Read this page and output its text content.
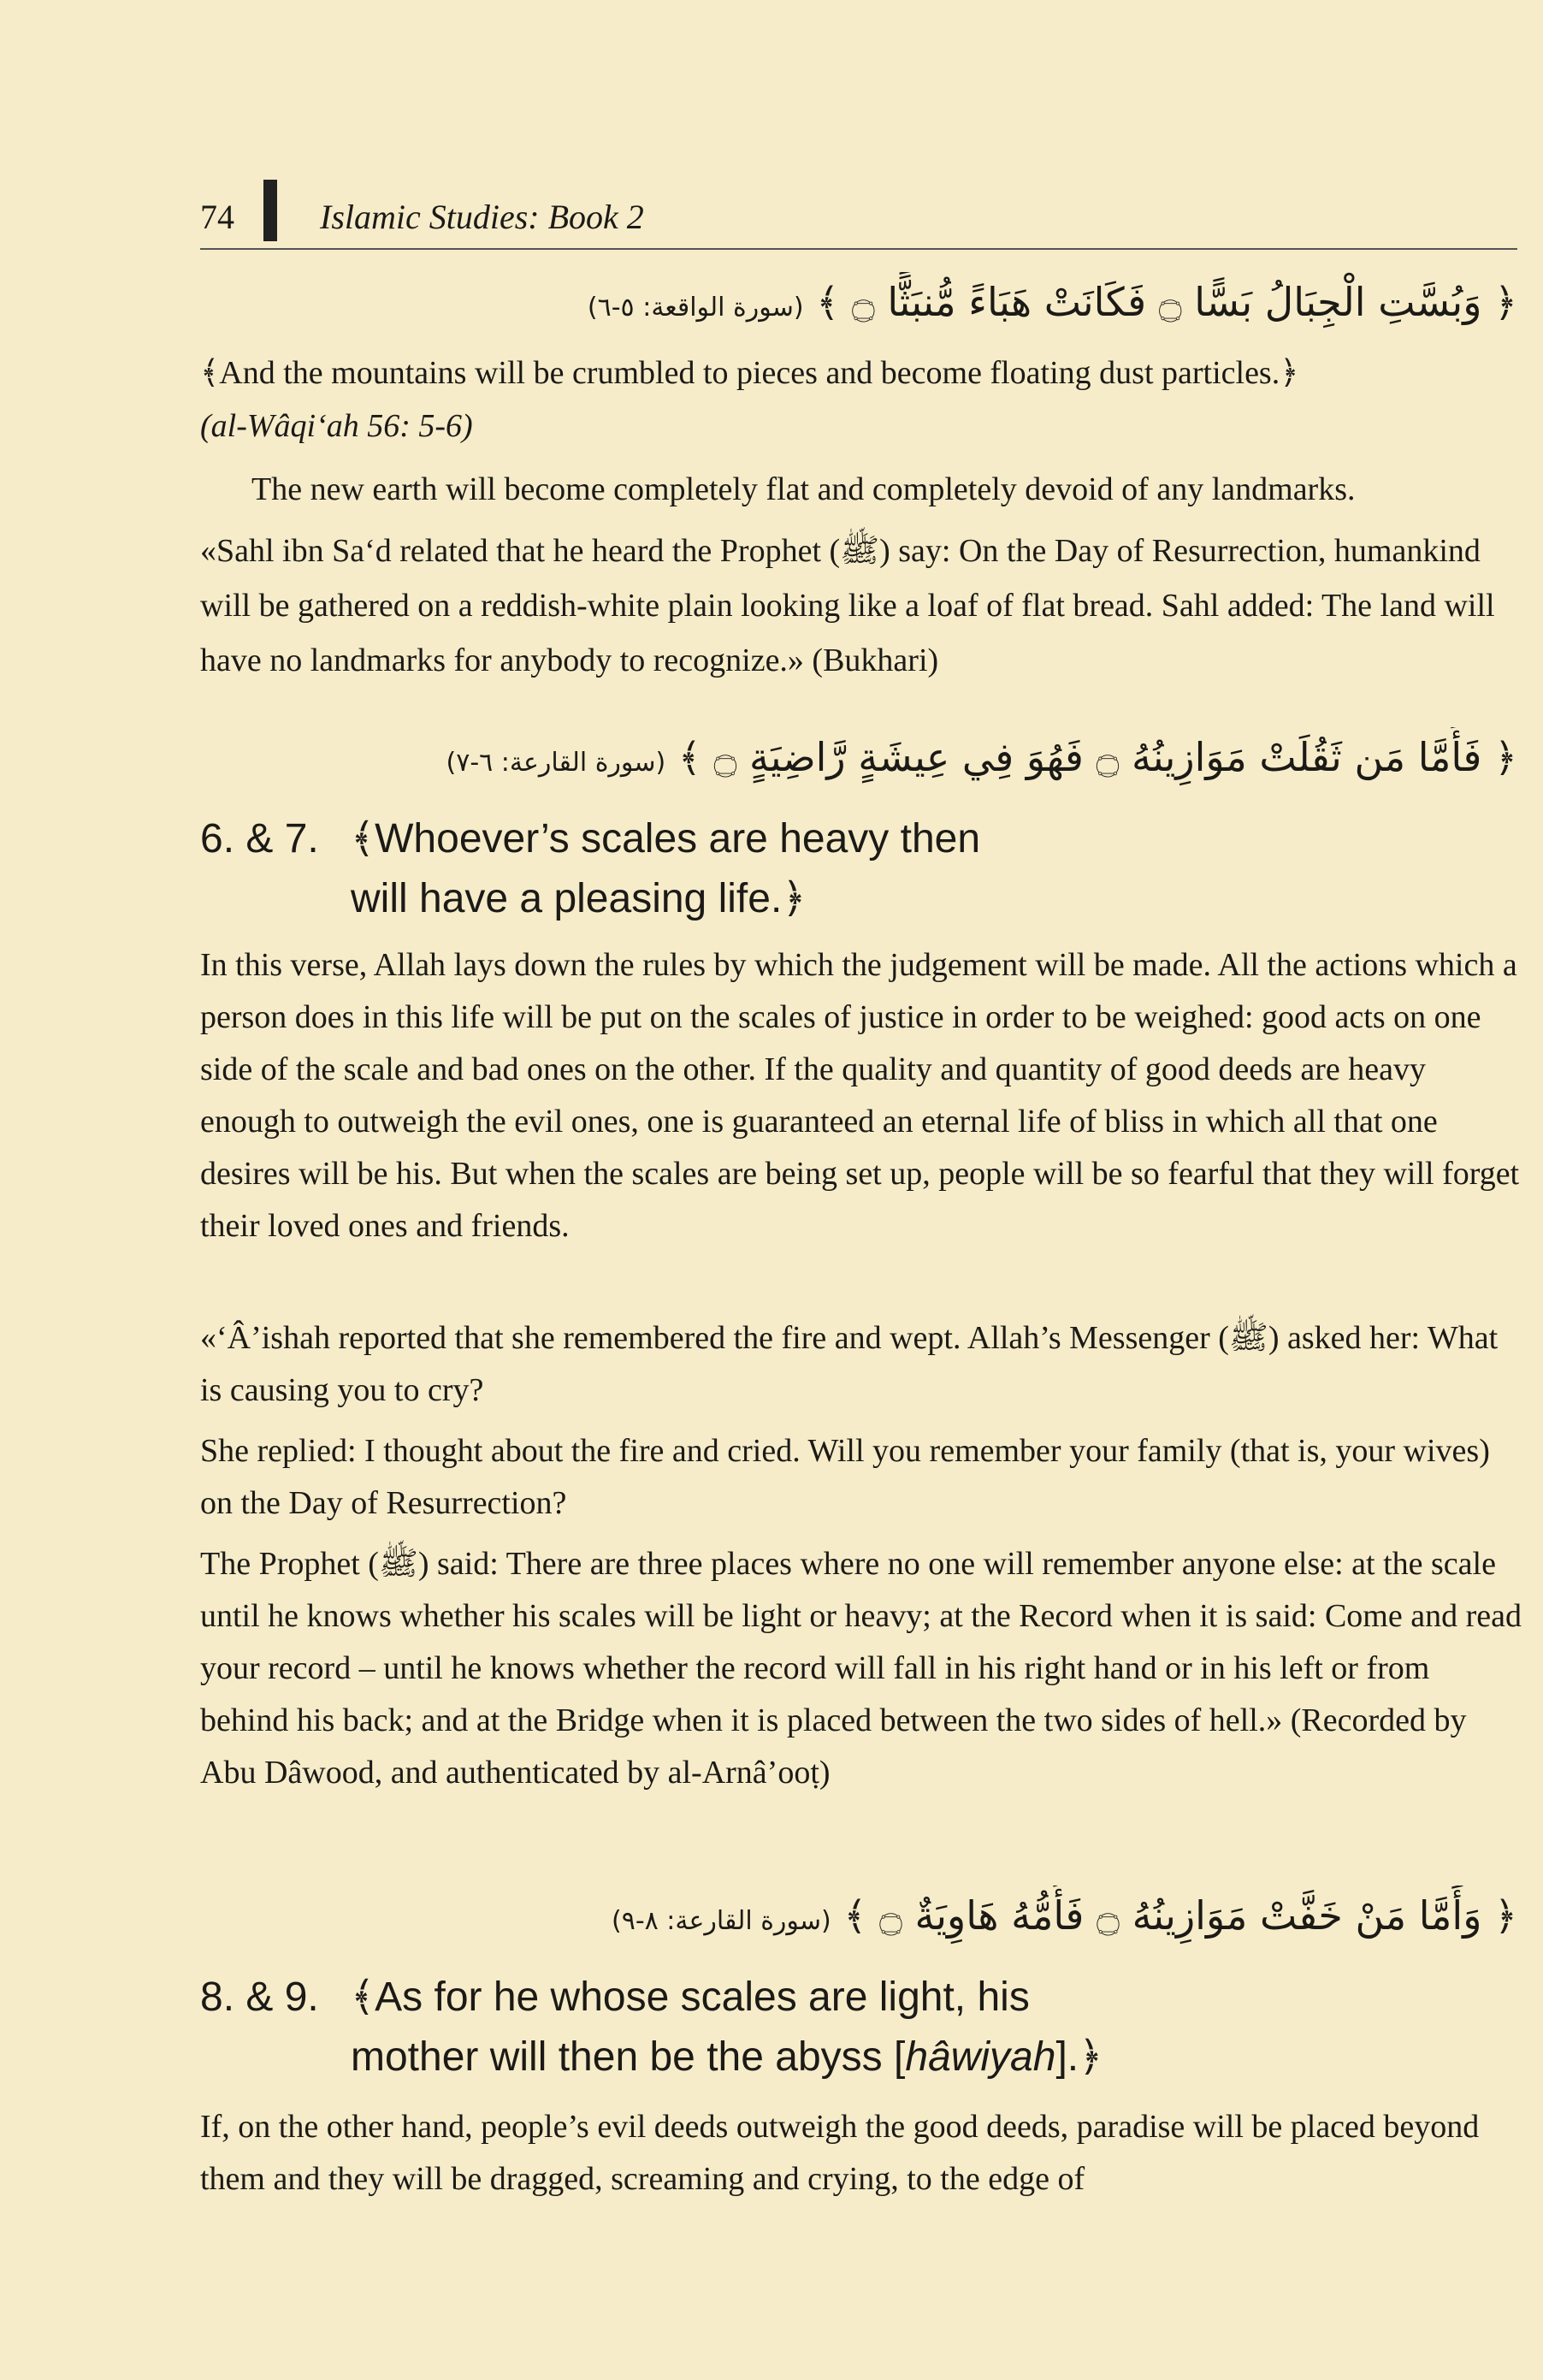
74	Islamic Studies: Book 2
﴿ وَبُسَّتِ الْجِبَالُ بَسًّا ۝ فَكَانَتْ هَبَاءً مُّنبَثًّا ۝ ﴾ (سورة الواقعة: ٥-٦)

﴾And the mountains will be crumbled to pieces and become floating dust particles.﴿

(al-Wâqi‘ah 56: 5-6)

The new earth will become completely flat and completely devoid of any landmarks.

«Sahl ibn Sa‘d related that he heard the Prophet (ﷺ) say: On the Day of Resurrection, humankind will be gathered on a reddish-white plain looking like a loaf of flat bread. Sahl added: The land will have no landmarks for anybody to recognize.» (Bukhari)

﴿ فَأَمَّا مَن ثَقُلَتْ مَوَازِينُهُ ۝ فَهُوَ فِي عِيشَةٍ رَّاضِيَةٍ ۝ ﴾ (سورة القارعة: ٦-٧)
6. & 7. ﴾Whoever’s scales are heavy then
will have a pleasing life.﴿

In this verse, Allah lays down the rules by which the judgement will be made. All the actions which a person does in this life will be put on the scales of justice in order to be weighed: good acts on one side of the scale and bad ones on the other. If the quality and quantity of good deeds are heavy enough to outweigh the evil ones, one is guaranteed an eternal life of bliss in which all that one desires will be his. But when the scales are being set up, people will be so fearful that they will forget their loved ones and friends.

«‘Â’ishah reported that she remembered the fire and wept. Allah’s Messenger (ﷺ) asked her: What is causing you to cry?

She replied: I thought about the fire and cried. Will you remember your family (that is, your wives) on the Day of Resurrection?

The Prophet (ﷺ) said: There are three places where no one will remember anyone else: at the scale until he knows whether his scales will be light or heavy; at the Record when it is said: Come and read your record – until he knows whether the record will fall in his right hand or in his left or from behind his back; and at the Bridge when it is placed between the two sides of hell.» (Recorded by Abu Dâwood, and authenticated by al-Arnâ’ooṭ)

﴿ وَأَمَّا مَنْ خَفَّتْ مَوَازِينُهُ ۝ فَأُمُّهُ هَاوِيَةٌ ۝ ﴾ (سورة القارعة: ٨-٩)
8. & 9. ﴾As for he whose scales are light, his
mother will then be the abyss [hâwiyah].﴿

If, on the other hand, people’s evil deeds outweigh the good deeds, paradise will be placed beyond them and they will be dragged, screaming and crying, to the edge of
